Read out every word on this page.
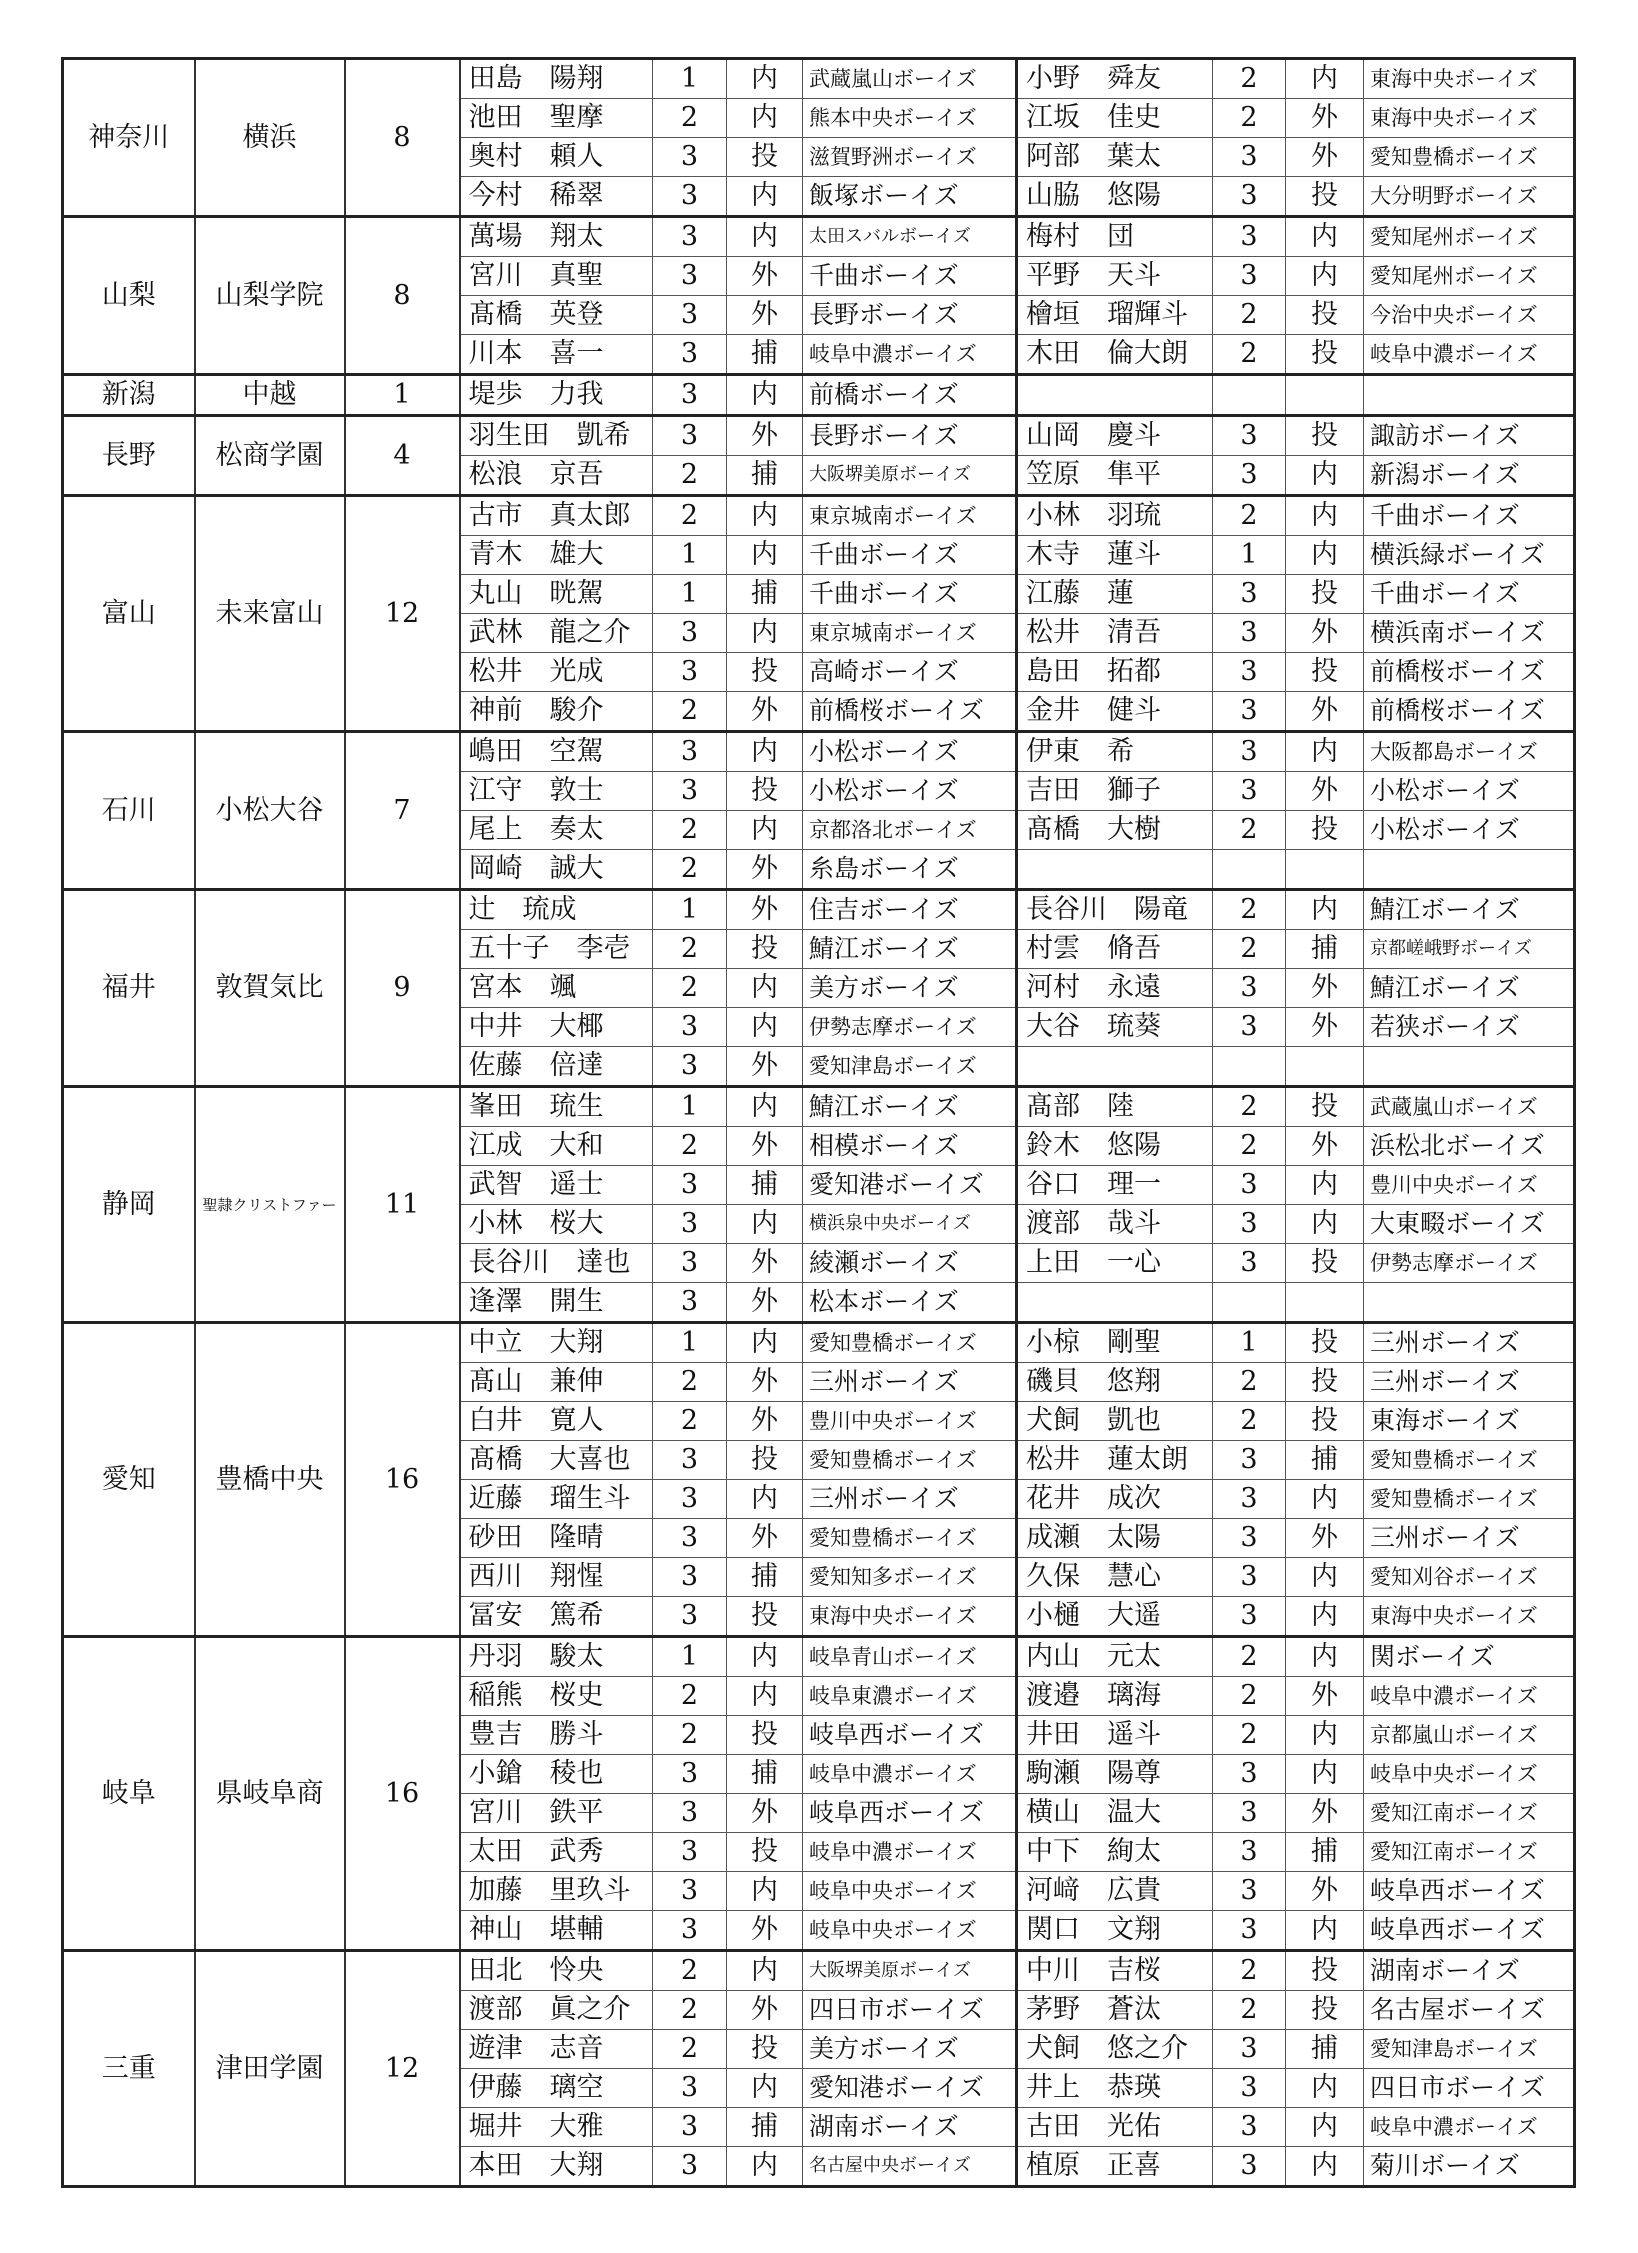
神奈川	横浜	8	田島　陽翔	1	内	武蔵嵐山ボーイズ	小野　舜友	2	内	東海中央ボーイズ
			池田　聖摩	2	内	熊本中央ボーイズ	江坂　佳史	2	外	東海中央ボーイズ
			奥村　頼人	3	投	滋賀野洲ボーイズ	阿部　葉太	3	外	愛知豊橋ボーイズ
			今村　稀翠	3	内	飯塚ボーイズ	山脇　悠陽	3	投	大分明野ボーイズ
山梨	山梨学院	8	萬場　翔太	3	内	太田スバルボーイズ	梅村　団	3	内	愛知尾州ボーイズ
			宮川　真聖	3	外	千曲ボーイズ	平野　天斗	3	内	愛知尾州ボーイズ
			髙橋　英登	3	外	長野ボーイズ	檜垣　瑠輝斗	2	投	今治中央ボーイズ
			川本　喜一	3	捕	岐阜中濃ボーイズ	木田　倫大朗	2	投	岐阜中濃ボーイズ
新潟	中越	1	堤歩　力我	3	内	前橋ボーイズ				
長野	松商学園	4	羽生田　凱希	3	外	長野ボーイズ	山岡　慶斗	3	投	諏訪ボーイズ
			松浪　京吾	2	捕	大阪堺美原ボーイズ	笠原　隼平	3	内	新潟ボーイズ
富山	未来富山	12	古市　真太郎	2	内	東京城南ボーイズ	小林　羽琉	2	内	千曲ボーイズ
			青木　雄大	1	内	千曲ボーイズ	木寺　蓮斗	1	内	横浜緑ボーイズ
			丸山　晄駕	1	捕	千曲ボーイズ	江藤　蓮	3	投	千曲ボーイズ
			武林　龍之介	3	内	東京城南ボーイズ	松井　清吾	3	外	横浜南ボーイズ
			松井　光成	3	投	高崎ボーイズ	島田　拓都	3	投	前橋桜ボーイズ
			神前　駿介	2	外	前橋桜ボーイズ	金井　健斗	3	外	前橋桜ボーイズ
石川	小松大谷	7	嶋田　空駕	3	内	小松ボーイズ	伊東　希	3	内	大阪都島ボーイズ
			江守　敦士	3	投	小松ボーイズ	吉田　獅子	3	外	小松ボーイズ
			尾上　奏太	2	内	京都洛北ボーイズ	髙橋　大樹	2	投	小松ボーイズ
			岡崎　誠大	2	外	糸島ボーイズ				
福井	敦賀気比	9	辻　琉成	1	外	住吉ボーイズ	長谷川　陽竜	2	内	鯖江ボーイズ
			五十子　李壱	2	投	鯖江ボーイズ	村雲　脩吾	2	捕	京都嵯峨野ボーイズ
			宮本　颯	2	内	美方ボーイズ	河村　永遠	3	外	鯖江ボーイズ
			中井　大椰	3	内	伊勢志摩ボーイズ	大谷　琉葵	3	外	若狭ボーイズ
			佐藤　倍達	3	外	愛知津島ボーイズ				
静岡	聖隷クリストファー	11	峯田　琉生	1	内	鯖江ボーイズ	髙部　陸	2	投	武蔵嵐山ボーイズ
			江成　大和	2	外	相模ボーイズ	鈴木　悠陽	2	外	浜松北ボーイズ
			武智　遥士	3	捕	愛知港ボーイズ	谷口　理一	3	内	豊川中央ボーイズ
			小林　桜大	3	内	横浜泉中央ボーイズ	渡部　哉斗	3	内	大東畷ボーイズ
			長谷川　達也	3	外	綾瀬ボーイズ	上田　一心	3	投	伊勢志摩ボーイズ
			逢澤　開生	3	外	松本ボーイズ				
愛知	豊橋中央	16	中立　大翔	1	内	愛知豊橋ボーイズ	小椋　剛聖	1	投	三州ボーイズ
			髙山　兼伸	2	外	三州ボーイズ	磯貝　悠翔	2	投	三州ボーイズ
			白井　寛人	2	外	豊川中央ボーイズ	犬飼　凱也	2	投	東海ボーイズ
			髙橋　大喜也	3	投	愛知豊橋ボーイズ	松井　蓮太朗	3	捕	愛知豊橋ボーイズ
			近藤　瑠生斗	3	内	三州ボーイズ	花井　成次	3	内	愛知豊橋ボーイズ
			砂田　隆晴	3	外	愛知豊橋ボーイズ	成瀬　太陽	3	外	三州ボーイズ
			西川　翔惺	3	捕	愛知知多ボーイズ	久保　慧心	3	内	愛知刈谷ボーイズ
			冨安　篤希	3	投	東海中央ボーイズ	小樋　大遥	3	内	東海中央ボーイズ
岐阜	県岐阜商	16	丹羽　駿太	1	内	岐阜青山ボーイズ	内山　元太	2	内	関ボーイズ
			稲熊　桜史	2	内	岐阜東濃ボーイズ	渡邉　璃海	2	外	岐阜中濃ボーイズ
			豊吉　勝斗	2	投	岐阜西ボーイズ	井田　遥斗	2	内	京都嵐山ボーイズ
			小鎗　稜也	3	捕	岐阜中濃ボーイズ	駒瀬　陽尊	3	内	岐阜中央ボーイズ
			宮川　鉄平	3	外	岐阜西ボーイズ	横山　温大	3	外	愛知江南ボーイズ
			太田　武秀	3	投	岐阜中濃ボーイズ	中下　絢太	3	捕	愛知江南ボーイズ
			加藤　里玖斗	3	内	岐阜中央ボーイズ	河﨑　広貴	3	外	岐阜西ボーイズ
			神山　堪輔	3	外	岐阜中央ボーイズ	関口　文翔	3	内	岐阜西ボーイズ
三重	津田学園	12	田北　怜央	2	内	大阪堺美原ボーイズ	中川　吉桜	2	投	湖南ボーイズ
			渡部　眞之介	2	外	四日市ボーイズ	茅野　蒼汰	2	投	名古屋ボーイズ
			遊津　志音	2	投	美方ボーイズ	犬飼　悠之介	3	捕	愛知津島ボーイズ
			伊藤　璃空	3	内	愛知港ボーイズ	井上　恭瑛	3	内	四日市ボーイズ
			堀井　大雅	3	捕	湖南ボーイズ	古田　光佑	3	内	岐阜中濃ボーイズ
			本田　大翔	3	内	名古屋中央ボーイズ	植原　正喜	3	内	菊川ボーイズ
